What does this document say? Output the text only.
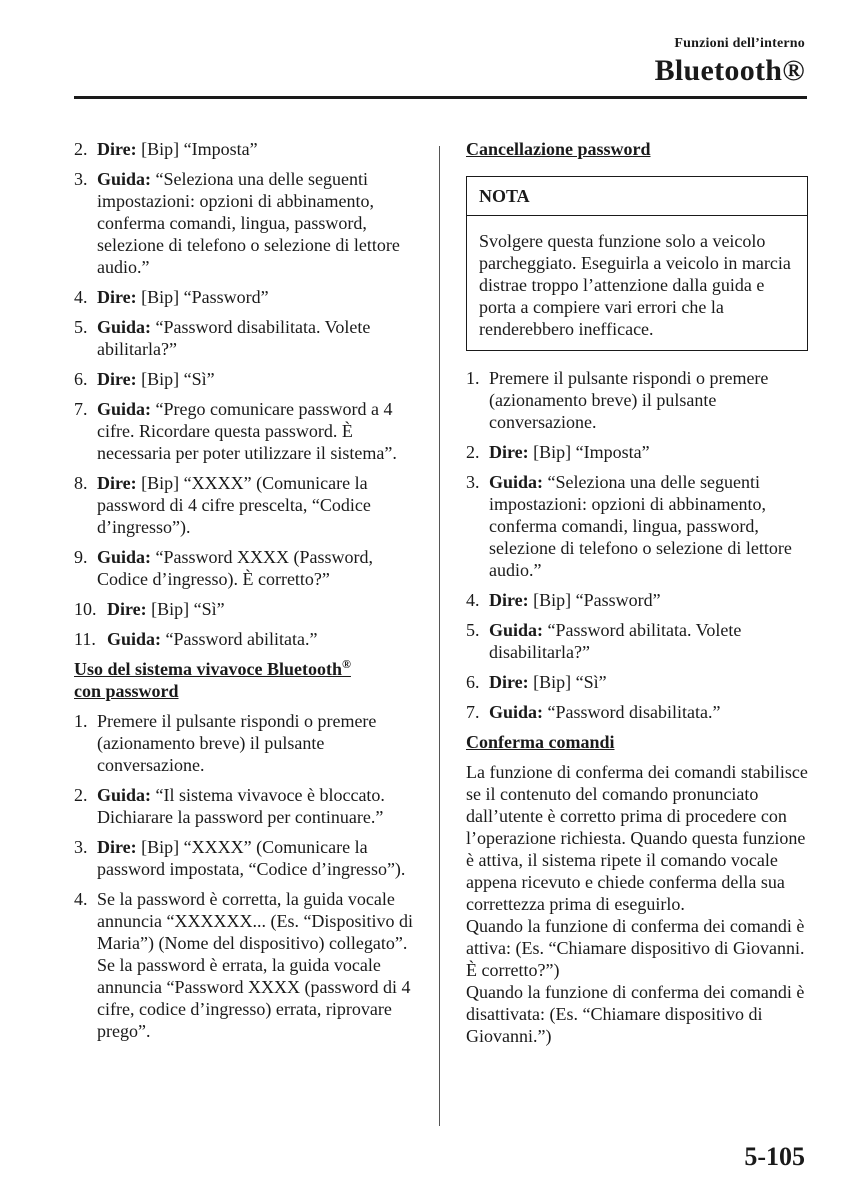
Funzioni dell’interno
Bluetooth®
2. Dire: [Bip] “Imposta”
3. Guida: “Seleziona una delle seguenti impostazioni: opzioni di abbinamento, conferma comandi, lingua, password, selezione di telefono o selezione di lettore audio.”
4. Dire: [Bip] “Password”
5. Guida: “Password disabilitata. Volete abilitarla?”
6. Dire: [Bip] “Sì”
7. Guida: “Prego comunicare password a 4 cifre. Ricordare questa password. È necessaria per poter utilizzare il sistema”.
8. Dire: [Bip] “XXXX” (Comunicare la password di 4 cifre prescelta, “Codice d’ingresso”).
9. Guida: “Password XXXX (Password, Codice d’ingresso). È corretto?”
10. Dire: [Bip] “Sì”
11. Guida: “Password abilitata.”
Uso del sistema vivavoce Bluetooth®
con password
1. Premere il pulsante rispondi o premere (azionamento breve) il pulsante conversazione.
2. Guida: “Il sistema vivavoce è bloccato. Dichiarare la password per continuare.”
3. Dire: [Bip] “XXXX” (Comunicare la password impostata, “Codice d’ingresso”).
4. Se la password è corretta, la guida vocale annuncia “XXXXXX... (Es. “Dispositivo di Maria”) (Nome del dispositivo) collegato”. Se la password è errata, la guida vocale annuncia “Password XXXX (password di 4 cifre, codice d’ingresso) errata, riprovare prego”.
Cancellazione password
NOTA
Svolgere questa funzione solo a veicolo parcheggiato. Eseguirla a veicolo in marcia distrae troppo l’attenzione dalla guida e porta a compiere vari errori che la renderebbero inefficace.
1. Premere il pulsante rispondi o premere (azionamento breve) il pulsante conversazione.
2. Dire: [Bip] “Imposta”
3. Guida: “Seleziona una delle seguenti impostazioni: opzioni di abbinamento, conferma comandi, lingua, password, selezione di telefono o selezione di lettore audio.”
4. Dire: [Bip] “Password”
5. Guida: “Password abilitata. Volete disabilitarla?”
6. Dire: [Bip] “Sì”
7. Guida: “Password disabilitata.”
Conferma comandi

La funzione di conferma dei comandi stabilisce se il contenuto del comando pronunciato dall’utente è corretto prima di procedere con l’operazione richiesta. Quando questa funzione è attiva, il sistema ripete il comando vocale appena ricevuto e chiede conferma della sua correttezza prima di eseguirlo.

Quando la funzione di conferma dei comandi è attiva: (Es. “Chiamare dispositivo di Giovanni. È corretto?”)

Quando la funzione di conferma dei comandi è disattivata: (Es. “Chiamare dispositivo di Giovanni.”)

5-105
